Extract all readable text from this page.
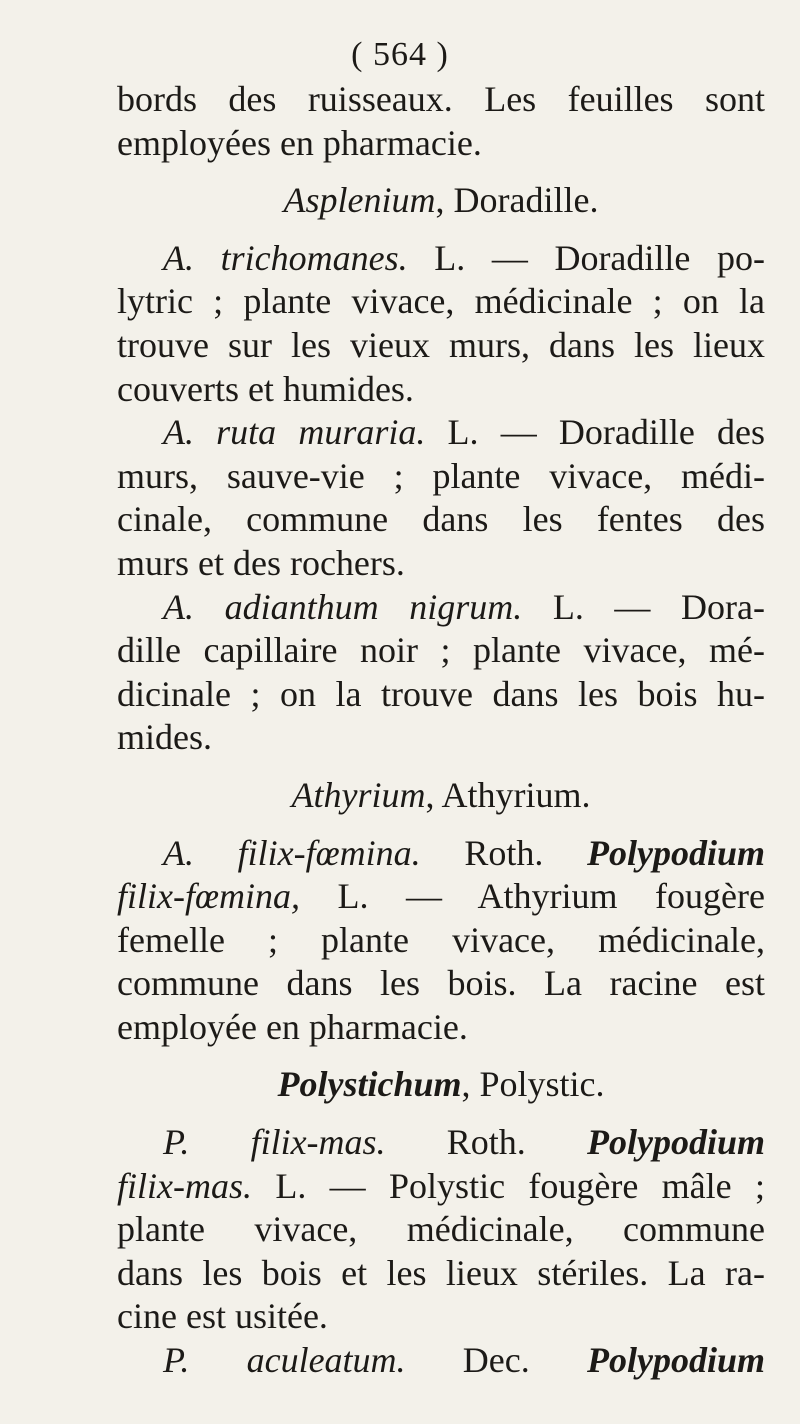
( 564 )
bords des ruisseaux. Les feuilles sont
employées en pharmacie.
Asplenium, Doradille.
A. trichomanes. L. — Doradille po-
lytric ; plante vivace, médicinale ; on la
trouve sur les vieux murs, dans les lieux
couverts et humides.
A. ruta muraria. L. — Doradille des
murs, sauve-vie ; plante vivace, médi-
cinale, commune dans les fentes des
murs et des rochers.
A. adianthum nigrum. L. — Dora-
dille capillaire noir ; plante vivace, mé-
dicinale ; on la trouve dans les bois hu-
mides.
Athyrium, Athyrium.
A. filix-fœmina. Roth. Polypodium
filix-fœmina, L. — Athyrium fougère
femelle ; plante vivace, médicinale,
commune dans les bois. La racine est
employée en pharmacie.
Polystichum, Polystic.
P. filix-mas. Roth. Polypodium
filix-mas. L. — Polystic fougère mâle ;
plante vivace, médicinale, commune
dans les bois et les lieux stériles. La ra-
cine est usitée.
P. aculeatum. Dec. Polypodium
